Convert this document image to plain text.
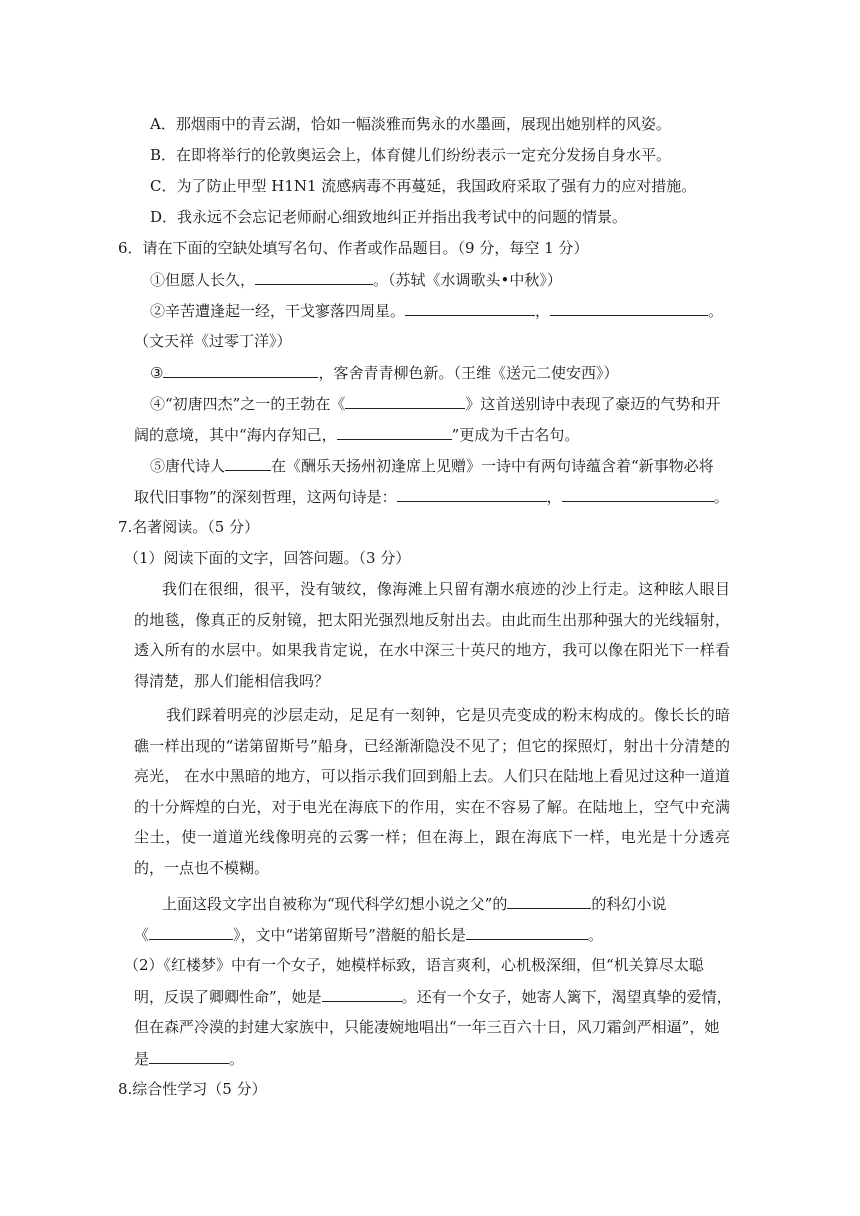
A．那烟雨中的青云湖，恰如一幅淡雅而隽永的水墨画，展现出她别样的风姿。
B．在即将举行的伦敦奥运会上，体育健儿们纷纷表示一定充分发扬自身水平。
C．为了防止甲型 H1N1 流感病毒不再蔓延，我国政府采取了强有力的应对措施。
D．我永远不会忘记老师耐心细致地纠正并指出我考试中的问题的情景。
6．请在下面的空缺处填写名句、作者或作品题目。（9 分，每空 1 分）
①但愿人长久，	。（苏轼《水调歌头•中秋》）
②辛苦遭逢起一经，干戈寥落四周星。	，	。
（文天祥《过零丁洋》）
③	，客舍青青柳色新。（王维《送元二使安西》）
④“初唐四杰”之一的王勃在《	》这首送别诗中表现了豪迈的气势和开
阔的意境，其中“海内存知己，	”更成为千古名句。
⑤唐代诗人	在《酬乐天扬州初逢席上见赠》一诗中有两句诗蕴含着“新事物必将
取代旧事物”的深刻哲理，这两句诗是：	，	。
7.名著阅读。（5 分）
（1）阅读下面的文字，回答问题。（3 分）
我们在很细，很平，没有皱纹，像海滩上只留有潮水痕迹的沙上行走。这种眩人眼目的地毯，像真正的反射镜，把太阳光强烈地反射出去。由此而生出那种强大的光线辐射，透入所有的水层中。如果我肯定说，在水中深三十英尺的地方，我可以像在阳光下一样看得清楚，那人们能相信我吗？
我们踩着明亮的沙层走动，足足有一刻钟，它是贝壳变成的粉末构成的。像长长的暗礁一样出现的“诺第留斯号”船身，已经渐渐隐没不见了；但它的探照灯，射出十分清楚的亮光， 在水中黑暗的地方，可以指示我们回到船上去。人们只在陆地上看见过这种一道道的十分辉煌的白光，对于电光在海底下的作用，实在不容易了解。在陆地上，空气中充满尘土，使一道道光线像明亮的云雾一样；但在海上，跟在海底下一样，电光是十分透亮的，一点也不模糊。
上面这段文字出自被称为“现代科学幻想小说之父”的	的科幻小说
《	》，文中“诺第留斯号”潜艇的船长是	。
（2）《红楼梦》中有一个女子，她模样标致，语言爽利，心机极深细，但“机关算尽太聪
明，反误了卿卿性命”，她是	。还有一个女子，她寄人篱下，渴望真挚的爱情，
但在森严冷漠的封建大家族中，只能凄婉地唱出“一年三百六十日，风刀霜剑严相逼”，她
是	。
8.综合性学习（5 分）
